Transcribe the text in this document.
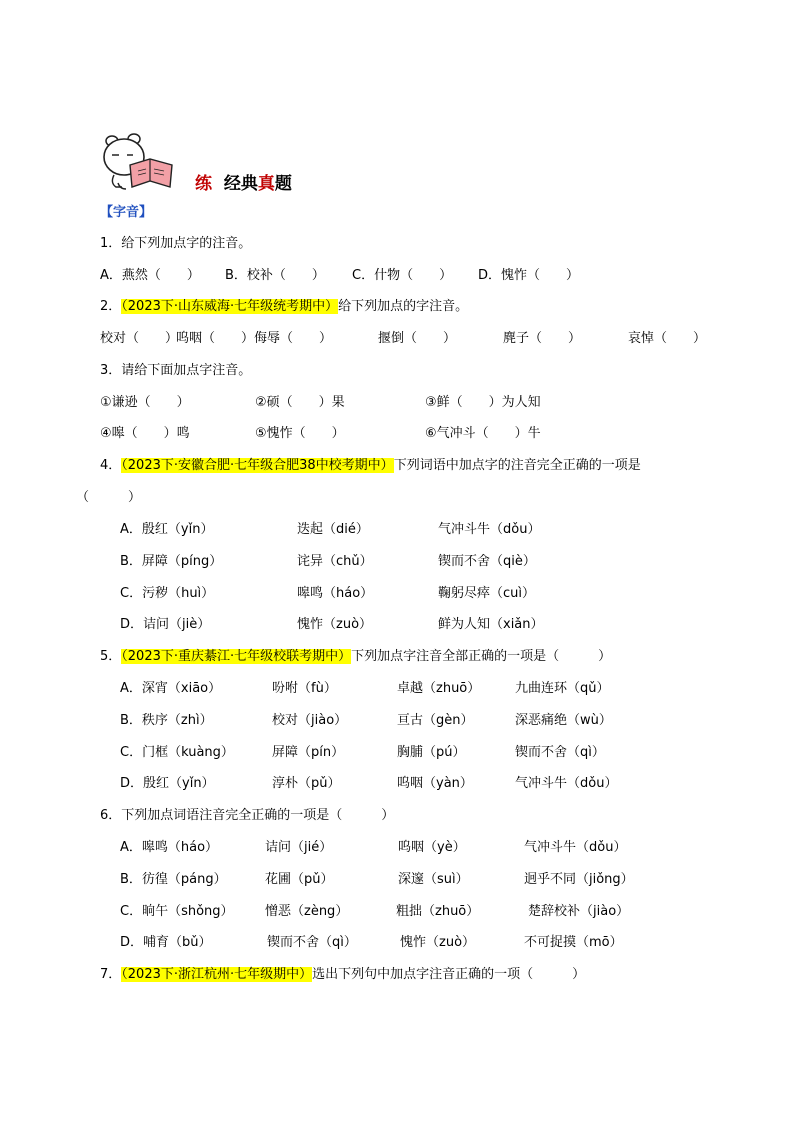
练 经典真题
【字音】
1．给下列加点字的注音。
A．燕然（　　） B．校补（　　） C．什物（　　） D．愧怍（　　）
2．（2023下·山东威海·七年级统考期中）给下列加点的字注音。
校对（　　）
呜咽（　　） 侮辱（　　）	揠倒（　　）	麂子（　　）	哀悼（　　）
3．请给下面加点字注音。
①谦逊（　　）	②硕（　　）果	③鲜（　　）为人知
④嗥（　　）鸣	⑤愧怍（　　）	⑥气冲斗（　　）牛
4．（2023下·安徽合肥·七年级合肥38中校考期中）下列词语中加点字的注音完全正确的一项是
（　　　）
A．殷红（yǐn）	迭起（dié）	气冲斗牛（dǒu）
B．屏障（píng）	诧异（chǔ）	锲而不舍（qiè）
C．污秽（huì）	嗥鸣（háo）	鞠躬尽瘁（cuì）
D．诘问（jiè）	愧怍（zuò）	鲜为人知（xiǎn）
5．（2023下·重庆綦江·七年级校联考期中）下列加点字注音全部正确的一项是（　　　）
A．深宵（xiāo）	吩咐（fù）	卓越（zhuō）	九曲连环（qǔ）
B．秩序（zhì）	校对（jiào）	亘古（gèn）	深恶痛绝（wù）
C．门框（kuàng）	屏障（pín）	胸脯（pú）	锲而不舍（qì）
D．殷红（yǐn）	淳朴（pǔ）	呜咽（yàn）	气冲斗牛（dǒu）
6．下列加点词语注音完全正确的一项是（　　　）
A．嗥鸣（háo）	诘问（jié）	呜咽（yè）	气冲斗牛（dǒu）
B．彷徨（páng）	花圃（pǔ）	深邃（suì）	迥乎不同（jiǒng）
C．晌午（shǒng） 憎恶（zèng）	粗拙（zhuō）	楚辞校补（jiào）
D．哺育（bǔ）	锲而不舍（qì）	愧怍（zuò）	不可捉摸（mō）
7．（2023下·浙江杭州·七年级期中）选出下列句中加点字注音正确的一项（　　　）
